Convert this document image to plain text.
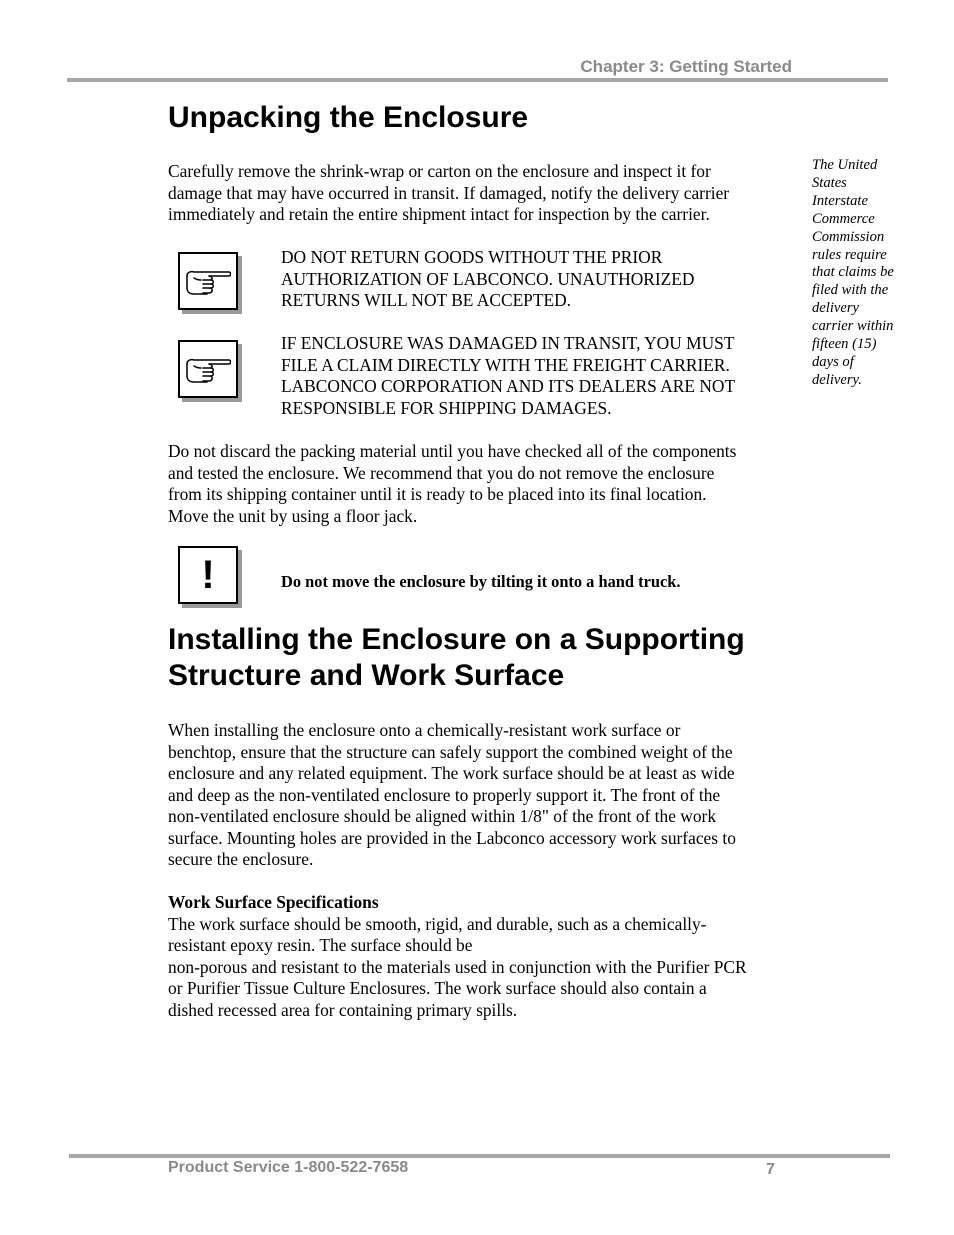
Chapter 3: Getting Started
Unpacking the Enclosure
Carefully remove the shrink-wrap or carton on the enclosure and inspect it for
damage that may have occurred in transit. If damaged, notify the delivery carrier
immediately and retain the entire shipment intact for inspection by the carrier.
DO NOT RETURN GOODS WITHOUT THE PRIOR
AUTHORIZATION OF LABCONCO. UNAUTHORIZED
RETURNS WILL NOT BE ACCEPTED.
IF ENCLOSURE WAS DAMAGED IN TRANSIT, YOU MUST
FILE A CLAIM DIRECTLY WITH THE FREIGHT CARRIER.
LABCONCO CORPORATION AND ITS DEALERS ARE NOT
RESPONSIBLE FOR SHIPPING DAMAGES.
Do not discard the packing material until you have checked all of the components
and tested the enclosure. We recommend that you do not remove the enclosure
from its shipping container until it is ready to be placed into its final location.
Move the unit by using a floor jack.
!	Do not move the enclosure by tilting it onto a hand truck.
The United
States
Interstate
Commerce
Commission
rules require
that claims be
filed with the
delivery
carrier within
fifteen (15)
days of
delivery.
Installing the Enclosure on a Supporting
Structure and Work Surface
When installing the enclosure onto a chemically-resistant work surface or
benchtop, ensure that the structure can safely support the combined weight of the
enclosure and any related equipment. The work surface should be at least as wide
and deep as the non-ventilated enclosure to properly support it. The front of the
non-ventilated enclosure should be aligned within 1/8" of the front of the work
surface. Mounting holes are provided in the Labconco accessory work surfaces to
secure the enclosure.
Work Surface Specifications
The work surface should be smooth, rigid, and durable, such as a chemically-
resistant epoxy resin. The surface should be
non-porous and resistant to the materials used in conjunction with the Purifier PCR
or Purifier Tissue Culture Enclosures. The work surface should also contain a
dished recessed area for containing primary spills.
Product Service 1-800-522-7658	7
